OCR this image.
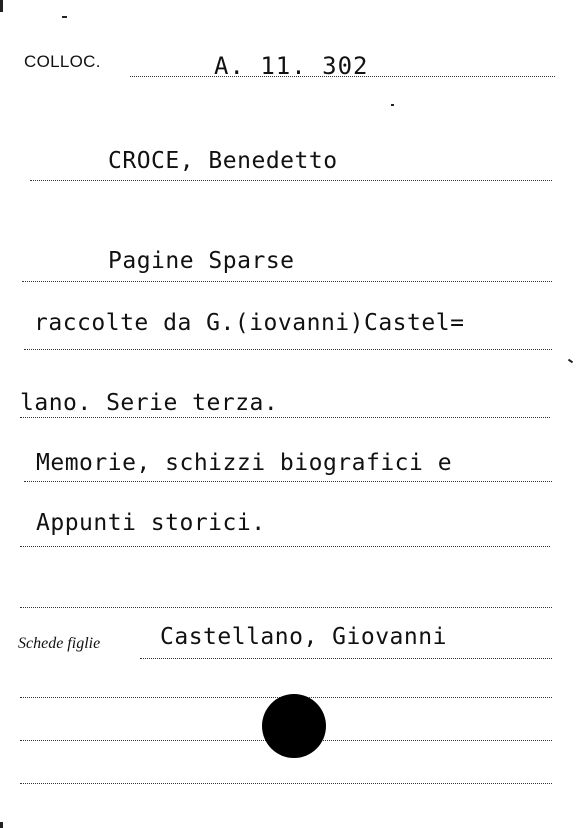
COLLOC.	A. 11. 302
CROCE, Benedetto
Pagine Sparse
raccolte da G.(iovanni)Castel=
lano. Serie terza.
Memorie, schizzi biografici e
Appunti storici.
Schede figlie	Castellano, Giovanni
